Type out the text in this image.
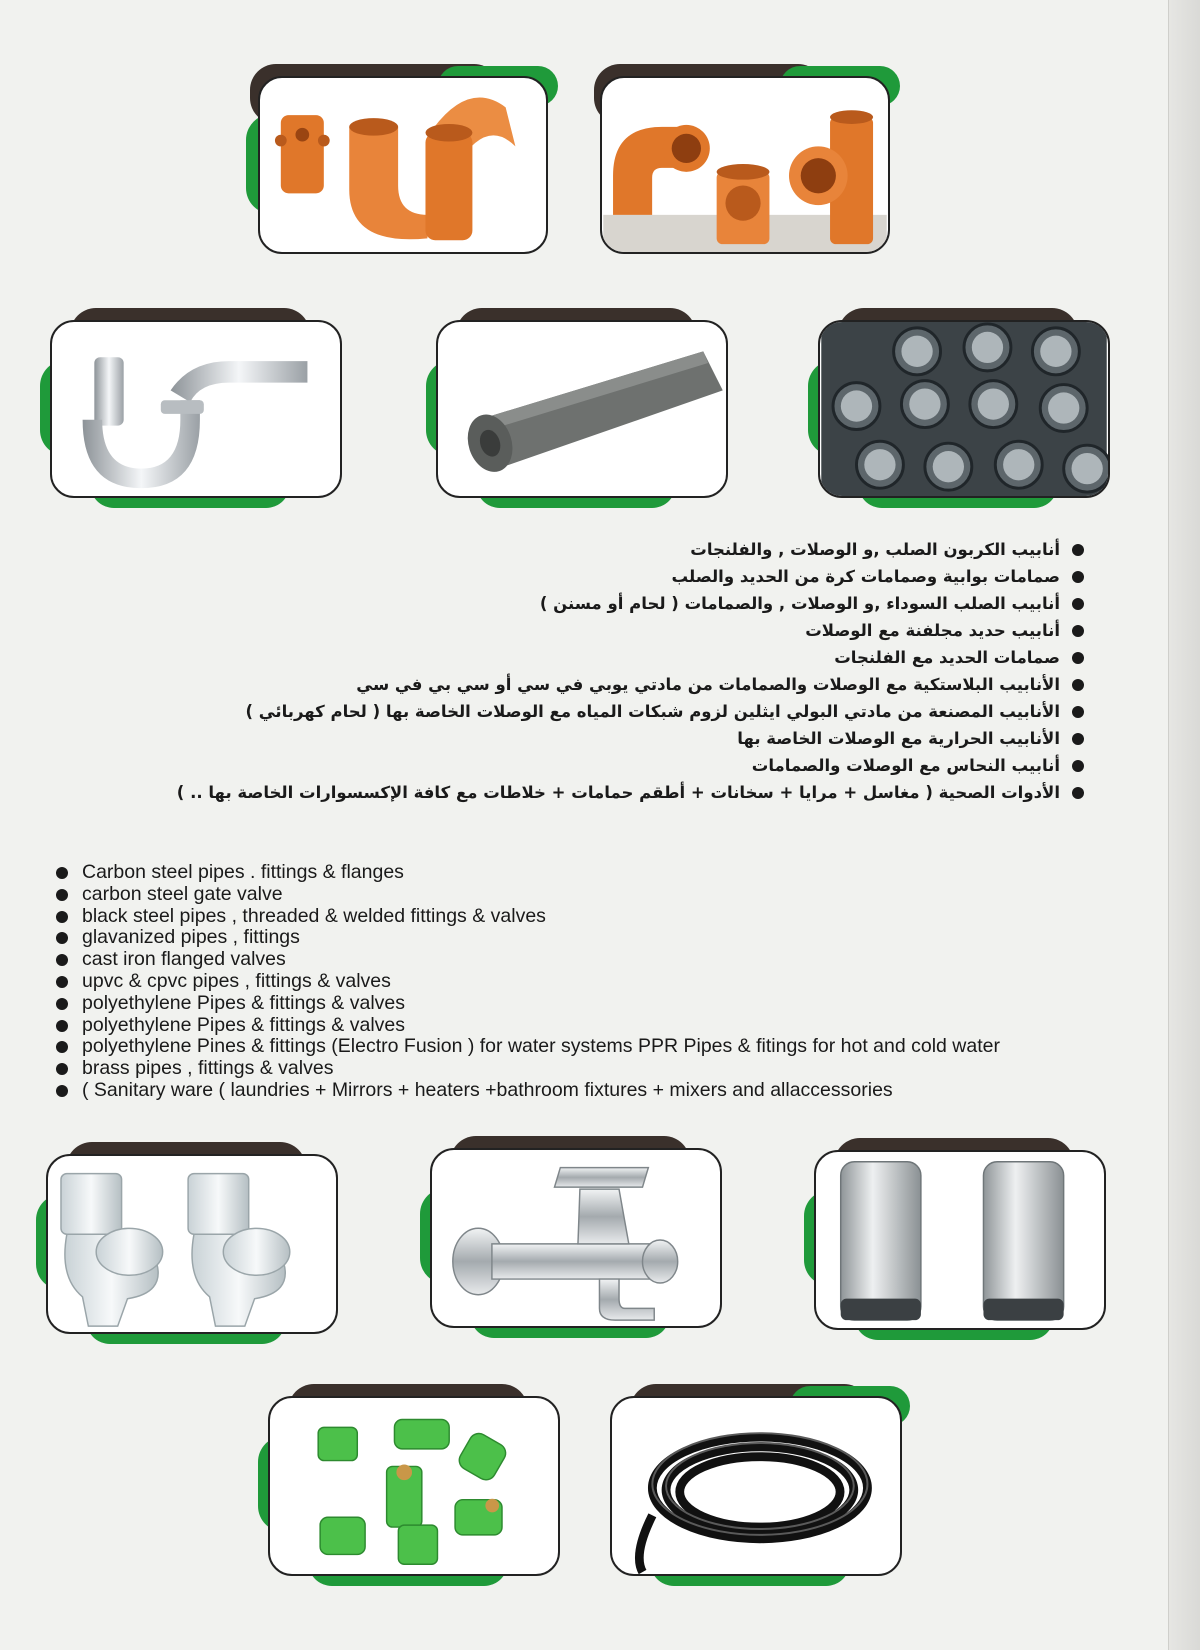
أنابيب الكربون الصلب ,و الوصلات , والفلنجات
صمامات بوابية وصمامات كرة من الحديد والصلب
أنابيب الصلب السوداء ,و الوصلات , والصمامات ( لحام أو مسنن )
أنابيب حديد مجلفنة مع الوصلات
صمامات الحديد مع الفلنجات
الأنابيب البلاستكية مع الوصلات والصمامات من مادتي يوبي في سي أو سي بي في سي
الأنابيب المصنعة من مادتي البولي ايثلين لزوم شبكات المياه مع الوصلات الخاصة بها ( لحام كهربائي )
الأنابيب الحرارية مع الوصلات الخاصة بها
أنابيب النحاس مع الوصلات والصمامات
الأدوات الصحية ( مغاسل + مرايا + سخانات + أطقم حمامات + خلاطات مع كافة الإكسسوارات الخاصة بها .. )
Carbon steel pipes . fittings & flanges
carbon steel gate valve
black steel pipes , threaded & welded fittings & valves
glavanized pipes , fittings
cast iron flanged valves
upvc & cpvc pipes , fittings & valves
polyethylene Pipes & fittings & valves
polyethylene Pipes & fittings & valves
polyethylene Pines & fittings (Electro Fusion ) for water systems PPR Pipes & fitings for hot and cold water
brass pipes , fittings & valves
( Sanitary ware ( laundries + Mirrors + heaters +bathroom fixtures + mixers and allaccessories
